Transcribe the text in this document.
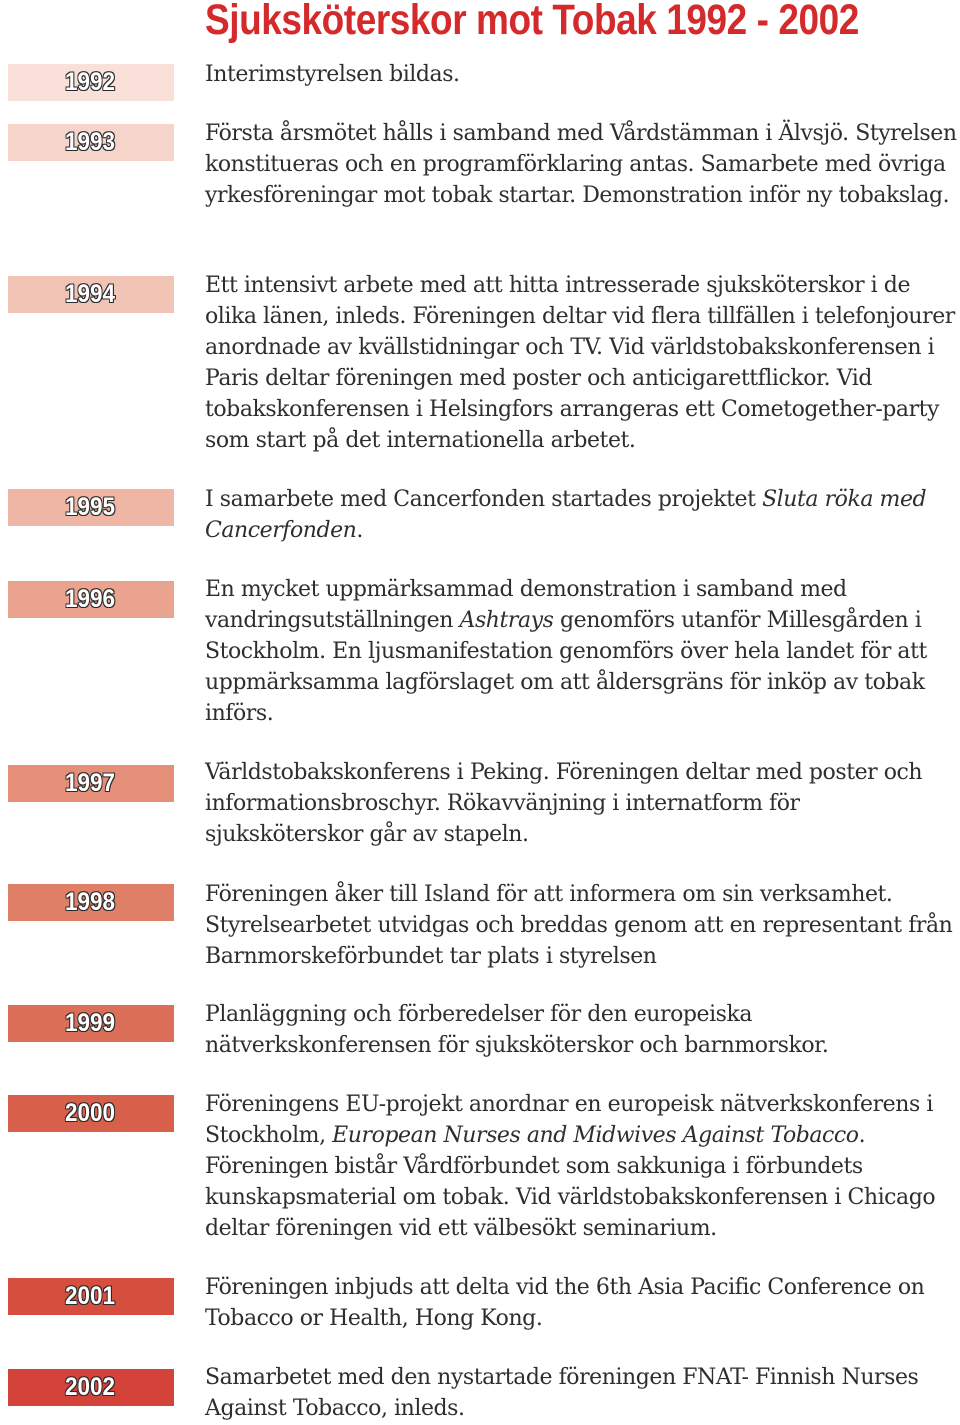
Sjuksköterskor mot Tobak 1992 - 2002
1992
1993
1994
1995
1996
1997
1998
1999
2000
2001
2002
Interimstyrelsen bildas.
Första årsmötet hålls i samband med Vårdstämman i Älvsjö. Styrelsen konstitueras och en programförklaring antas. Samarbete med övriga yrkesföreningar mot tobak startar. Demonstration inför ny tobakslag.
Ett intensivt arbete med att hitta intresserade sjuksköterskor i de olika länen, inleds. Föreningen deltar vid flera tillfällen i telefonjourer anordnade av kvällstidningar och TV. Vid världstobakskonferensen i Paris deltar föreningen med poster och anticigarettflickor. Vid tobakskonferensen i Helsingfors arrangeras ett Cometogether-party som start på det internationella arbetet.
I samarbete med Cancerfonden startades projektet Sluta röka med Cancerfonden.
En mycket uppmärksammad demonstration i samband med vandringsutställningen Ashtrays genomförs utanför Millesgården i Stockholm. En ljusmanifestation genomförs över hela landet för att uppmärksamma lagförslaget om att åldersgräns för inköp av tobak införs.
Världstobakskonferens i Peking. Föreningen deltar med poster och informationsbroschyr. Rökavvänjning i internatform för sjuksköterskor går av stapeln.
Föreningen åker till Island för att informera om sin verksamhet. Styrelsearbetet utvidgas och breddas genom att en representant från Barnmorskeförbundet tar plats i styrelsen
Planläggning och förberedelser för den europeiska nätverkskonferensen för sjuksköterskor och barnmorskor.
Föreningens EU-projekt anordnar en europeisk nätverkskonferens i Stockholm, European Nurses and Midwives Against Tobacco. Föreningen bistår Vårdförbundet som sakkuniga i förbundets kunskapsmaterial om tobak. Vid världstobakskonferensen i Chicago deltar föreningen vid ett välbesökt seminarium.
Föreningen inbjuds att delta vid the 6th Asia Pacific Conference on Tobacco or Health, Hong Kong.
Samarbetet med den nystartade föreningen FNAT- Finnish Nurses Against Tobacco, inleds.
